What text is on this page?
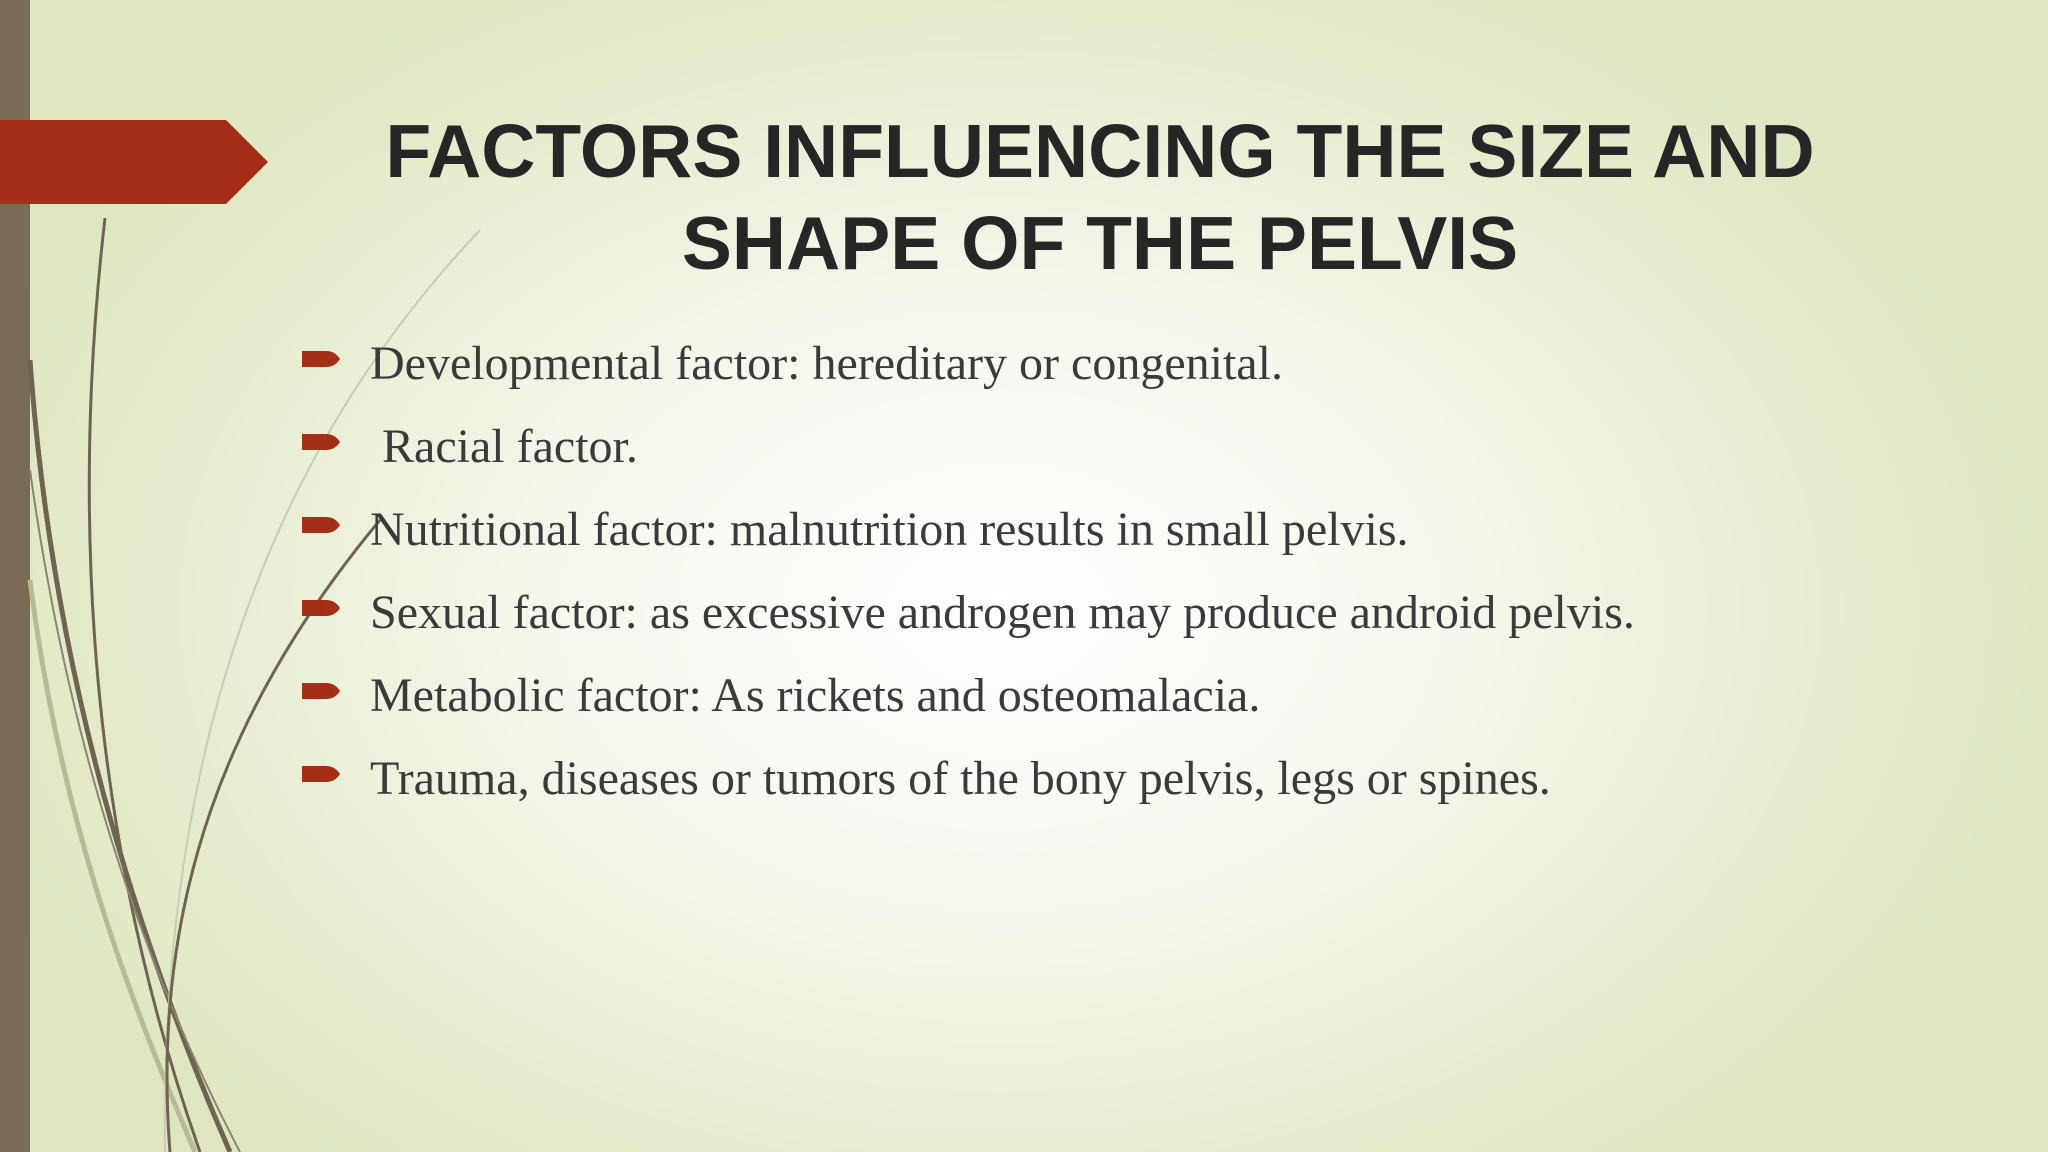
FACTORS INFLUENCING THE SIZE AND
SHAPE OF THE PELVIS
Developmental factor: hereditary or congenital.
Racial factor.
Nutritional factor: malnutrition results in small pelvis.
Sexual factor: as excessive androgen may produce android pelvis.
Metabolic factor: As rickets and osteomalacia.
Trauma, diseases or tumors of the bony pelvis, legs or spines.
